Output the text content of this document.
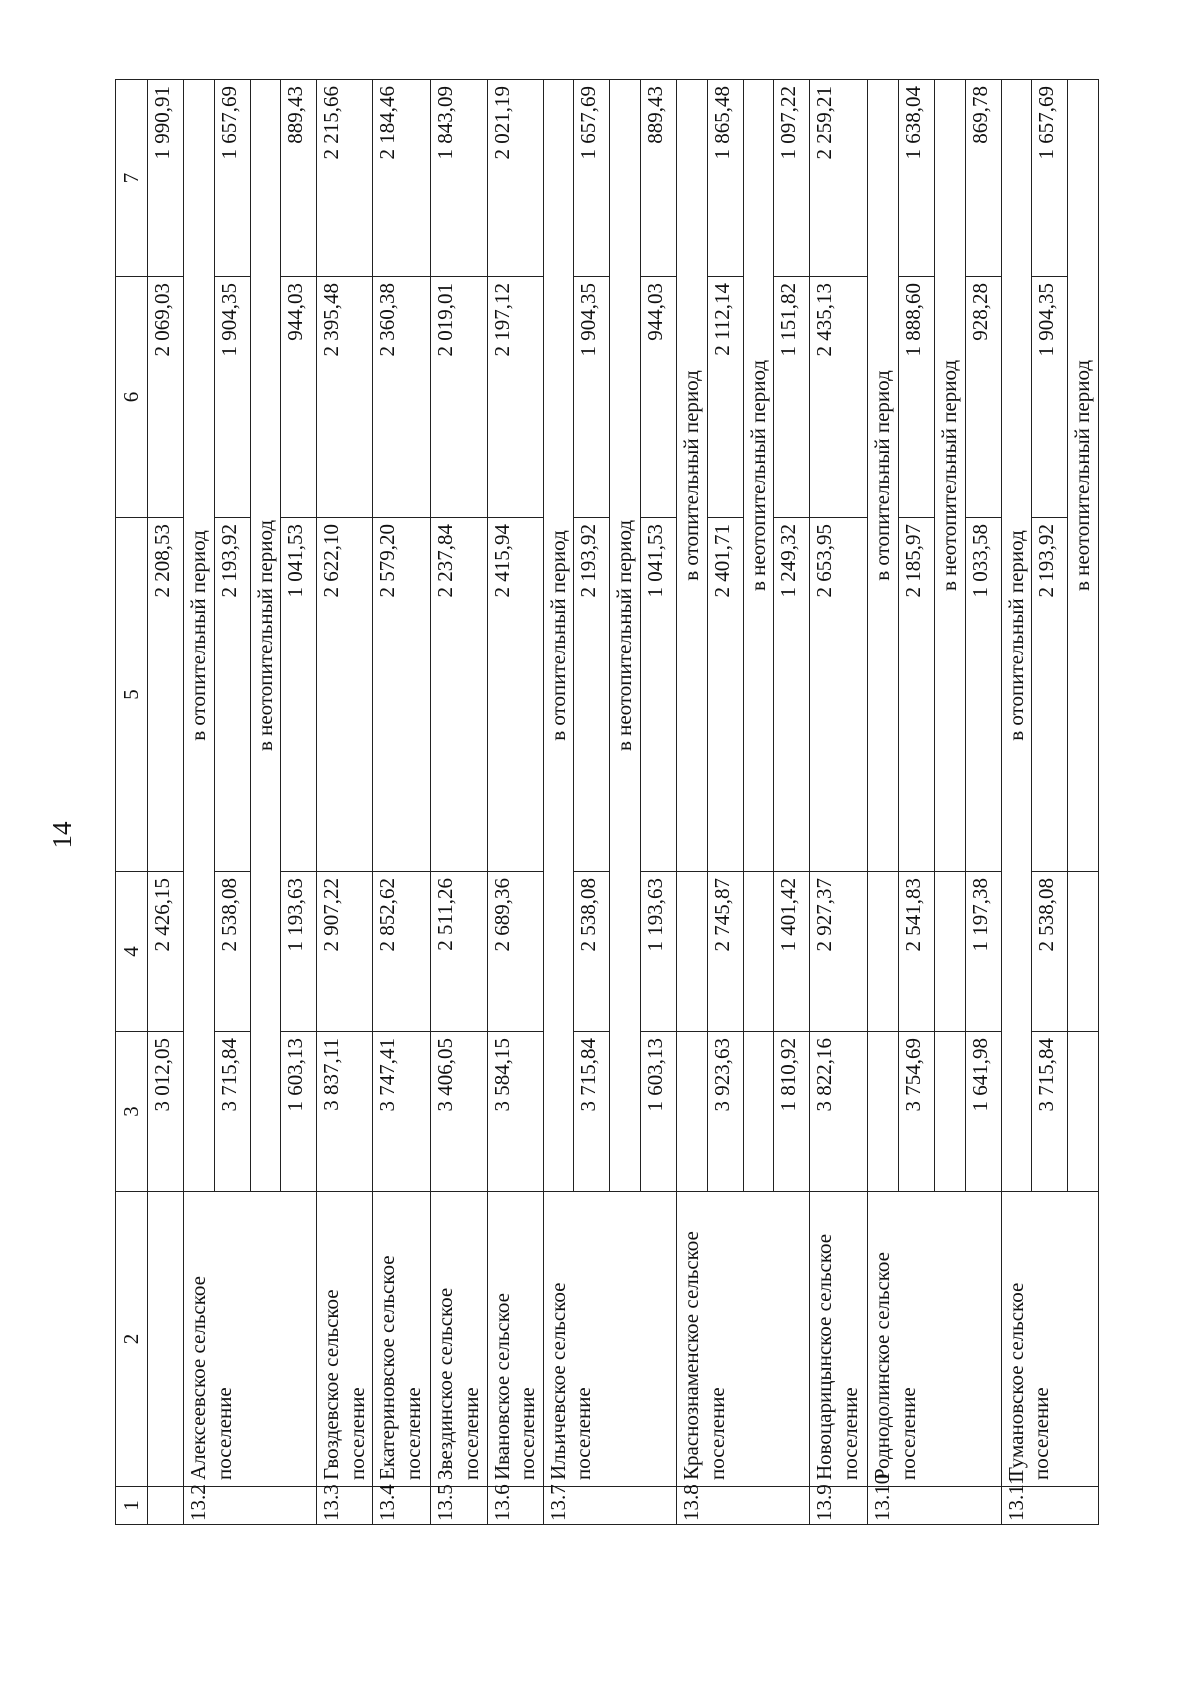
14
1	2	3	4	5	6	7
		3 012,05	2 426,15	2 208,53	2 069,03	1 990,91
13.2	Алексеевское сельское поселение	в отопительный период				
		3 715,84	2 538,08	2 193,92	1 904,35	1 657,69
		в неотопительный период				
		1 603,13	1 193,63	1 041,53	944,03	889,43
13.3	Гвоздевское сельское поселение	3 837,11	2 907,22	2 622,10	2 395,48	2 215,66
13.4	Екатериновское сельское поселение	3 747,41	2 852,62	2 579,20	2 360,38	2 184,46
13.5	Звездинское сельское поселение	3 406,05	2 511,26	2 237,84	2 019,01	1 843,09
13.6	Ивановское сельское поселение	3 584,15	2 689,36	2 415,94	2 197,12	2 021,19
13.7	Ильичевское сельское поселение	в отопительный период				
		3 715,84	2 538,08	2 193,92	1 904,35	1 657,69
		в неотопительный период				
		1 603,13	1 193,63	1 041,53	944,03	889,43
13.8	Краснознаменское сельское поселение			в отопительный период		
		3 923,63	2 745,87	2 401,71	2 112,14	1 865,48
				в неотопительный период		
		1 810,92	1 401,42	1 249,32	1 151,82	1 097,22
13.9	Новоцарицынское сельское поселение	3 822,16	2 927,37	2 653,95	2 435,13	2 259,21
13.10	Роднодолинское сельское поселение			в отопительный период		
		3 754,69	2 541,83	2 185,97	1 888,60	1 638,04
				в неотопительный период		
		1 641,98	1 197,38	1 033,58	928,28	869,78
13.11	Тумановское сельское поселение	в отопительный период				
		3 715,84	2 538,08	2 193,92	1 904,35	1 657,69
				в неотопительный период		
